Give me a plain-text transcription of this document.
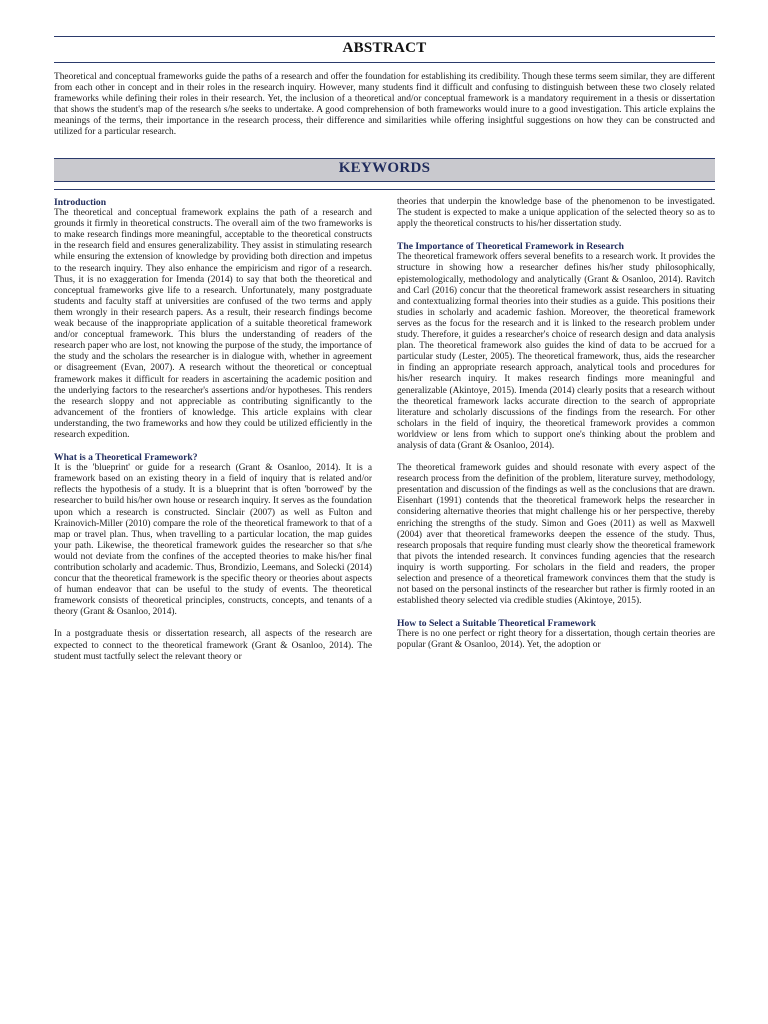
ABSTRACT
Theoretical and conceptual frameworks guide the paths of a research and offer the foundation for establishing its credibility. Though these terms seem similar, they are different from each other in concept and in their roles in the research inquiry. However, many students find it difficult and confusing to distinguish between these two closely related frameworks while defining their roles in their research. Yet, the inclusion of a theoretical and/or conceptual framework is a mandatory requirement in a thesis or dissertation that shows the student's map of the research s/he seeks to undertake. A good comprehension of both frameworks would inure to a good investigation. This article explains the meanings of the terms, their importance in the research process, their difference and similarities while offering insightful suggestions on how they can be constructed and utilized for a particular research.
KEYWORDS

Introduction

The theoretical and conceptual framework explains the path of a research and grounds it firmly in theoretical constructs. The overall aim of the two frameworks is to make research findings more meaningful, acceptable to the theoretical constructs in the research field and ensures generalizability. They assist in stimulating research while ensuring the extension of knowledge by providing both direction and impetus to the research inquiry. They also enhance the empiricism and rigor of a research. Thus, it is no exaggeration for Imenda (2014) to say that both the theoretical and conceptual frameworks give life to a research. Unfortunately, many postgraduate students and faculty staff at universities are confused of the two terms and apply them wrongly in their research papers. As a result, their research findings become weak because of the inappropriate application of a suitable theoretical framework and/or conceptual framework. This blurs the understanding of readers of the research paper who are lost, not knowing the purpose of the study, the importance of the study and the scholars the researcher is in dialogue with, whether in agreement or disagreement (Evan, 2007). A research without the theoretical or conceptual framework makes it difficult for readers in ascertaining the academic position and the underlying factors to the researcher's assertions and/or hypotheses. This renders the research sloppy and not appreciable as contributing significantly to the advancement of the frontiers of knowledge. This article explains with clear understanding, the two frameworks and how they could be utilized efficiently in the research expedition.

What is a Theoretical Framework?

It is the 'blueprint' or guide for a research (Grant & Osanloo, 2014). It is a framework based on an existing theory in a field of inquiry that is related and/or reflects the hypothesis of a study. It is a blueprint that is often 'borrowed' by the researcher to build his/her own house or research inquiry. It serves as the foundation upon which a research is constructed. Sinclair (2007) as well as Fulton and Krainovich-Miller (2010) compare the role of the theoretical framework to that of a map or travel plan. Thus, when travelling to a particular location, the map guides your path. Likewise, the theoretical framework guides the researcher so that s/he would not deviate from the confines of the accepted theories to make his/her final contribution scholarly and academic. Thus, Brondizio, Leemans, and Solecki (2014) concur that the theoretical framework is the specific theory or theories about aspects of human endeavor that can be useful to the study of events. The theoretical framework consists of theoretical principles, constructs, concepts, and tenants of a theory (Grant & Osanloo, 2014).

In a postgraduate thesis or dissertation research, all aspects of the research are expected to connect to the theoretical framework (Grant & Osanloo, 2014). The student must tactfully select the relevant theory or

theories that underpin the knowledge base of the phenomenon to be investigated. The student is expected to make a unique application of the selected theory so as to apply the theoretical constructs to his/her dissertation study.

The Importance of Theoretical Framework in Research

The theoretical framework offers several benefits to a research work. It provides the structure in showing how a researcher defines his/her study philosophically, epistemologically, methodology and analytically (Grant & Osanloo, 2014). Ravitch and Carl (2016) concur that the theoretical framework assist researchers in situating and contextualizing formal theories into their studies as a guide. This positions their studies in scholarly and academic fashion. Moreover, the theoretical framework serves as the focus for the research and it is linked to the research problem under study. Therefore, it guides a researcher's choice of research design and data analysis plan. The theoretical framework also guides the kind of data to be accrued for a particular study (Lester, 2005). The theoretical framework, thus, aids the researcher in finding an appropriate research approach, analytical tools and procedures for his/her research inquiry. It makes research findings more meaningful and generalizable (Akintoye, 2015). Imenda (2014) clearly posits that a research without the theoretical framework lacks accurate direction to the search of appropriate literature and scholarly discussions of the findings from the research. For other scholars in the field of inquiry, the theoretical framework provides a common worldview or lens from which to support one's thinking about the problem and analysis of data (Grant & Osanloo, 2014).

The theoretical framework guides and should resonate with every aspect of the research process from the definition of the problem, literature survey, methodology, presentation and discussion of the findings as well as the conclusions that are drawn. Eisenhart (1991) contends that the theoretical framework helps the researcher in considering alternative theories that might challenge his or her perspective, thereby enriching the strengths of the study. Simon and Goes (2011) as well as Maxwell (2004) aver that theoretical frameworks deepen the essence of the study. Thus, research proposals that require funding must clearly show the theoretical framework that pivots the intended research. It convinces funding agencies that the research inquiry is worth supporting. For scholars in the field and readers, the proper selection and presence of a theoretical framework convinces them that the study is not based on the personal instincts of the researcher but rather is firmly rooted in an established theory selected via credible studies (Akintoye, 2015).

How to Select a Suitable Theoretical Framework

There is no one perfect or right theory for a dissertation, though certain theories are popular (Grant & Osanloo, 2014). Yet, the adoption or
